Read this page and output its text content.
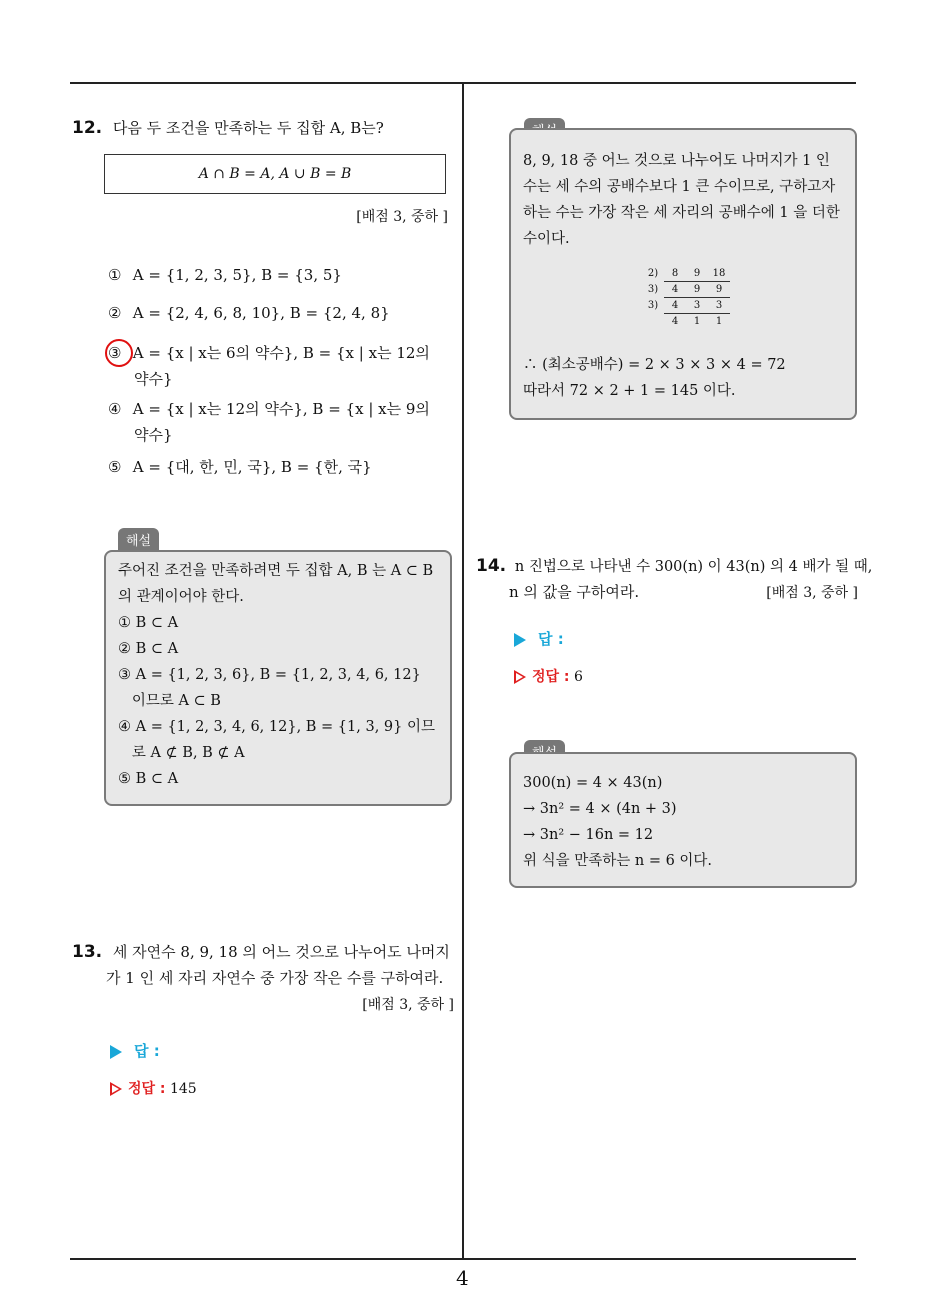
12. 다음 두 조건을 만족하는 두 집합 A, B는?
A ∩ B = A, A ∪ B = B
[배점 3, 중하 ]
① A = {1, 2, 3, 5}, B = {3, 5}
② A = {2, 4, 6, 8, 10}, B = {2, 4, 8}
③ A = {x | x는 6의 약수}, B = {x | x는 12의
약수}
④ A = {x | x는 12의 약수}, B = {x | x는 9의
약수}
⑤ A = {대, 한, 민, 국}, B = {한, 국}
해설
주어진 조건을 만족하려면 두 집합 A, B 는 A ⊂ B
의 관계이어야 한다.
① B ⊂ A
② B ⊂ A
③ A = {1, 2, 3, 6}, B = {1, 2, 3, 4, 6, 12}
이므로 A ⊂ B
④ A = {1, 2, 3, 4, 6, 12}, B = {1, 3, 9} 이므
로 A ⊄ B, B ⊄ A
⑤ B ⊂ A
13. 세 자연수 8, 9, 18 의 어느 것으로 나누어도 나머지
가 1 인 세 자리 자연수 중 가장 작은 수를 구하여라.
[배점 3, 중하 ]
답 :
정답 : 145
8, 9, 18 중 어느 것으로 나누어도 나머지가 1 인
수는 세 수의 공배수보다 1 큰 수이므로, 구하고자
하는 수는 가장 작은 세 자리의 공배수에 1 을 더한
수이다.
∴ (최소공배수) = 2 × 3 × 3 × 4 = 72
따라서 72 × 2 + 1 = 145 이다.
2) 8 9 18
3) 4 9 9
3) 4 3 3
4 1 1
14. n 진법으로 나타낸 수 300(n) 이 43(n) 의 4 배가 될 때,
n 의 값을 구하여라.	[배점 3, 중하 ]
답 :
정답 : 6
300(n) = 4 × 43(n)
→ 3n² = 4 × (4n + 3)
→ 3n² − 16n = 12
위 식을 만족하는 n = 6 이다.
4
